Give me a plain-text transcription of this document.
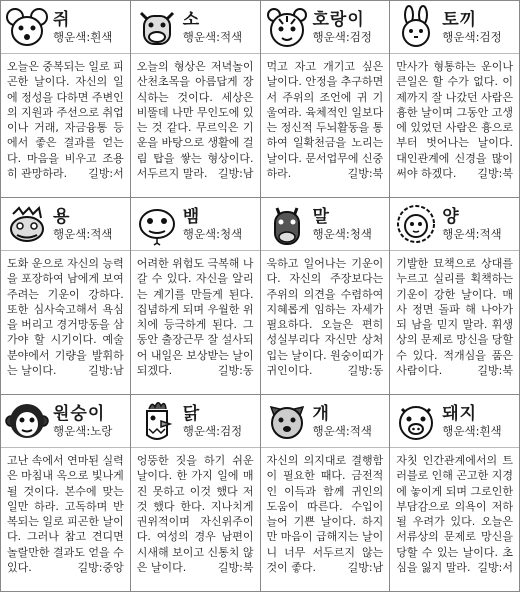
쥐
행운색:흰색
오늘은 중복되는 일로 피곤한 날이다. 자신의 일에 정성을 다하면 주변인의 지원과 주선으로 취업이나 거래, 자금융통 등에서 좋은 결과를 얻는다. 마음을 비우고 조용히 관망하라. 길방:서
소
행운색:적색
오늘의 형상은 저녁놀이 산천초목을 아름답게 장식하는 것이다. 세상은 비뚤데 나만 무인도에 있는 것 같다. 무르익은 기운을 바탕으로 생활에 걸림 탑을 쌓는 형상이다. 서두르지 말라. 길방:남
호랑이
행운색:검정
먹고 자고 개기고 싶은 날이다. 안정을 추구하면서 주위의 조언에 귀 기울여라. 육체적인 일보다는 정신적 두뇌활동을 통하여 일확천금을 노리는 날이다. 문서업무에 신중하라.	길방:북
토끼
행운색:검정
만사가 형통하는 운이나 큰일은 할 수가 없다. 이제까지 잘 나갔던 사람은 흉한 날이며 그동안 고생에 있었던 사람은 흉으로 부터 벗어나는 날이다. 대인관계에 신경을 많이 써야 하겠다. 길방:북
용
행운색:적색
도화 운으로 자신의 능력을 포장하여 남에게 보여주려는 기운이 강하다. 또한 심사숙고해서 욕심을 버리고 경거망동을 삼가야 할 시기이다. 예술 분야에서 기량을 발휘하는 날이다.	길방:남
뱀
행운색:청색
어려한 위험도 극복해 나갈 수 있다. 자신을 알리는 계기를 만들게 된다. 집념하게 되며 우월한 위치에 등극하게 된다. 그 동안 출장근무 잘 설사되어 내일은 보상받는 날이 되겠다.	길방:동
말
행운색:청색
욱하고 일어나는 기운이다. 자신의 주장보다는 주위의 의견을 수렴하여 지혜롭게 임하는 자세가 필요하다. 오늘은 편히 성실부리다 자신만 상처입는 날이다. 원숭이띠가 귀인이다.	길방:동
양
행운색:적색
기발한 묘책으로 상대를 누르고 실리를 획책하는 기운이 강한 날이다. 매사 정면 돌파 해 나아가되 남을 믿지 말라. 휘생 상의 문제로 망신을 당할 수 있다. 적개심을 품은 사람이다.	길방:북
원숭이
행운색:노랑
고난 속에서 연마된 실력은 마침내 옥으로 빛나게 될 것이다. 본수에 맞는 일만 하라. 고독하며 반복되는 일로 피곤한 날이다. 그러나 참고 견디면 놀랄만한 결과도 얻을 수 있다.	길방:중앙
닭
행운색:검정
엉뚱한 짓을 하기 쉬운 날이다. 한 가지 일에 매진 못하고 이것 했다 저것 했다 한다. 지나치게 권위적이며 자신위주이다. 여성의 경우 남편이 시새해 보이고 신통치 않은 날이다.	길방:북
개
행운색:적색
자신의 의지대로 결행함이 필요한 때다. 금전적인 이득과 함께 귀인의 도움이 따른다. 수입이 늘어 기쁜 날이다. 하지만 마음이 급해지는 날이니 너무 서두르지 않는 것이 좋다.	길방:남
돼지
행운색:흰색
자칫 인간관계에서의 트러블로 인해 곤고한 지경에 놓이게 되며 그로인한 부담감으로 의욕이 저하될 우려가 있다. 오늘은 서류상의 문제로 망신을 당할 수 있는 날이다. 초심을 잃지 말라. 길방:서
